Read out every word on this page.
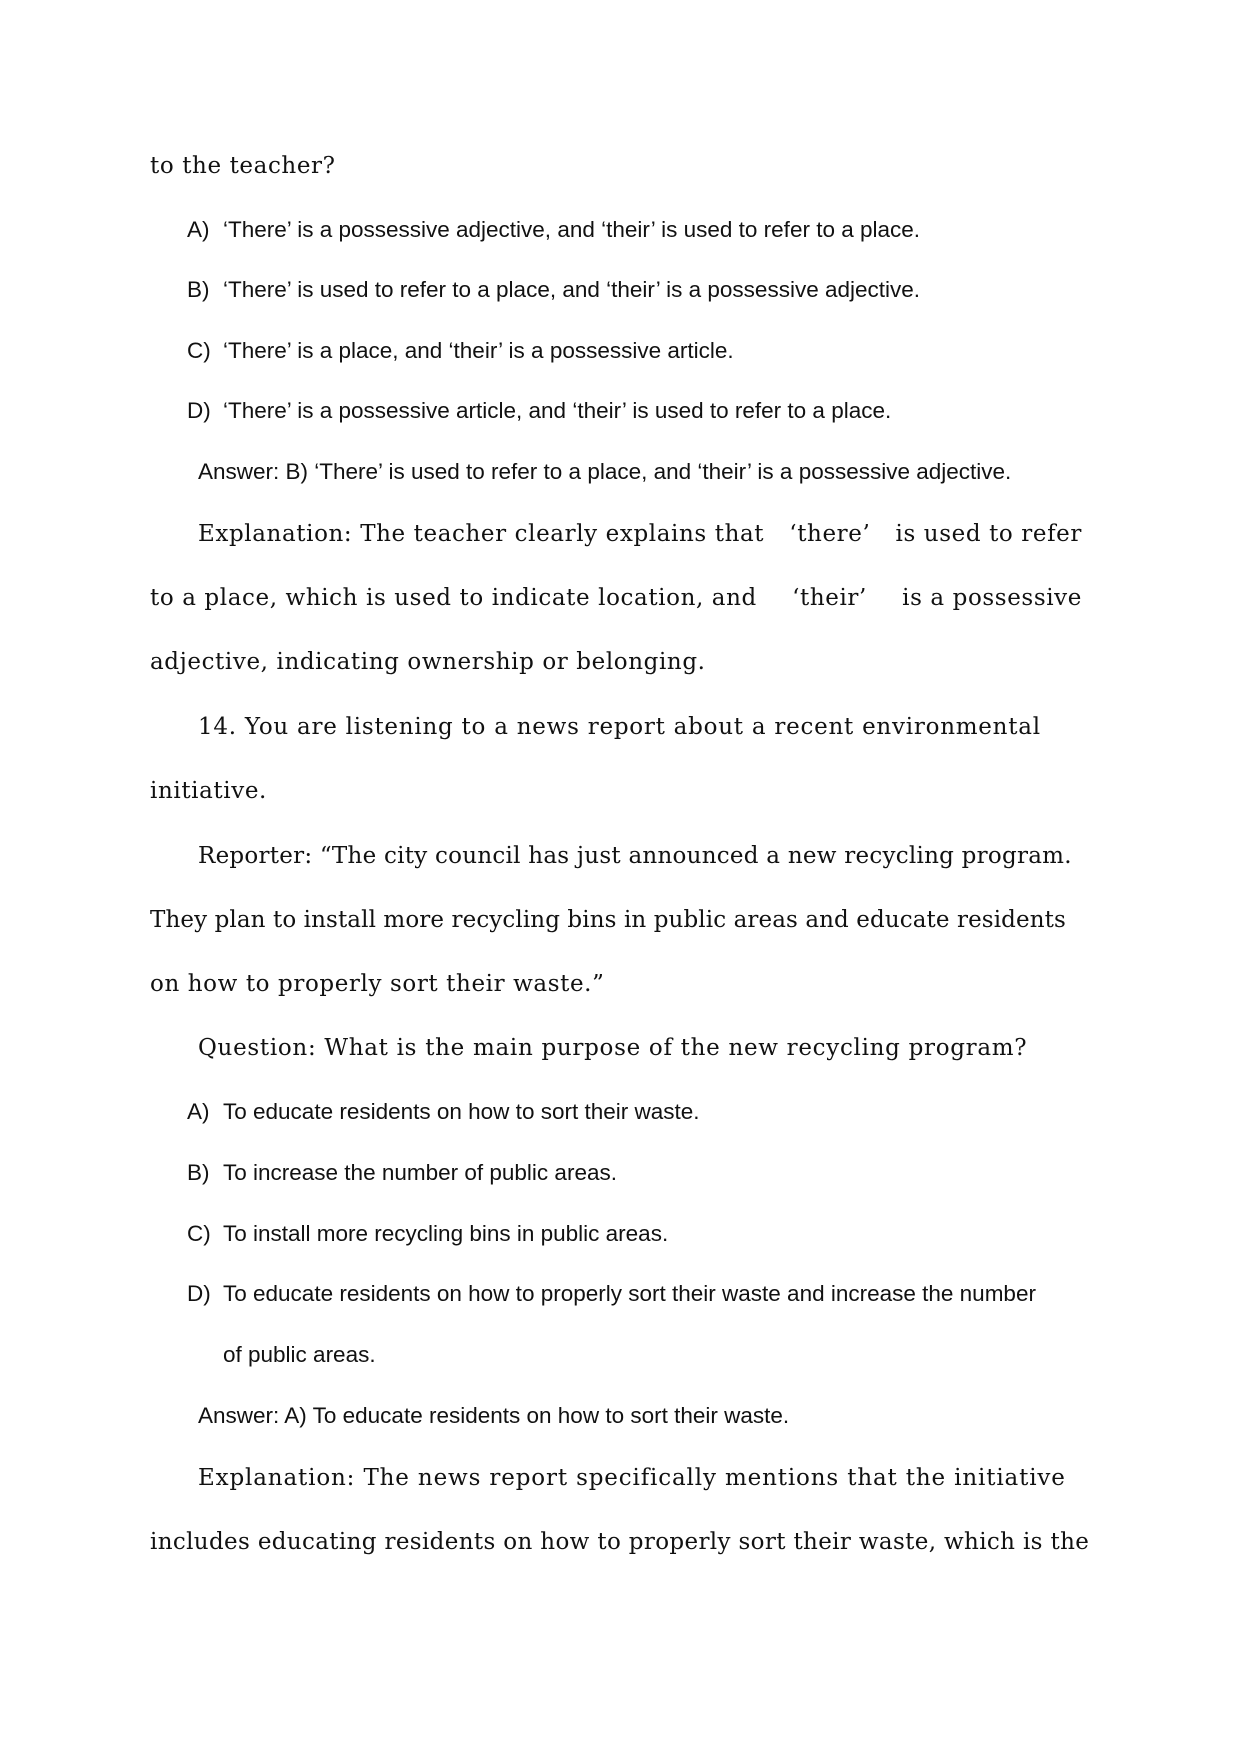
to the teacher?
A) ‘There’ is a possessive adjective, and ‘their’ is used to refer to a place.
B) ‘There’ is used to refer to a place, and ‘their’ is a possessive adjective.
C) ‘There’ is a place, and ‘their’ is a possessive article.
D) ‘There’ is a possessive article, and ‘their’ is used to refer to a place.
Answer: B) ‘There’ is used to refer to a place, and ‘their’ is a possessive adjective.
Explanation: The teacher clearly explains that ‘there’ is used to refer
to a place, which is used to indicate location, and ‘their’ is a possessive
adjective, indicating ownership or belonging.
14. You are listening to a news report about a recent environmental
initiative.
Reporter: “The city council has just announced a new recycling program.
They plan to install more recycling bins in public areas and educate residents
on how to properly sort their waste.”
Question: What is the main purpose of the new recycling program?
A) To educate residents on how to sort their waste.
B) To increase the number of public areas.
C) To install more recycling bins in public areas.
D) To educate residents on how to properly sort their waste and increase the number
of public areas.
Answer: A) To educate residents on how to sort their waste.
Explanation: The news report specifically mentions that the initiative
includes educating residents on how to properly sort their waste, which is the
